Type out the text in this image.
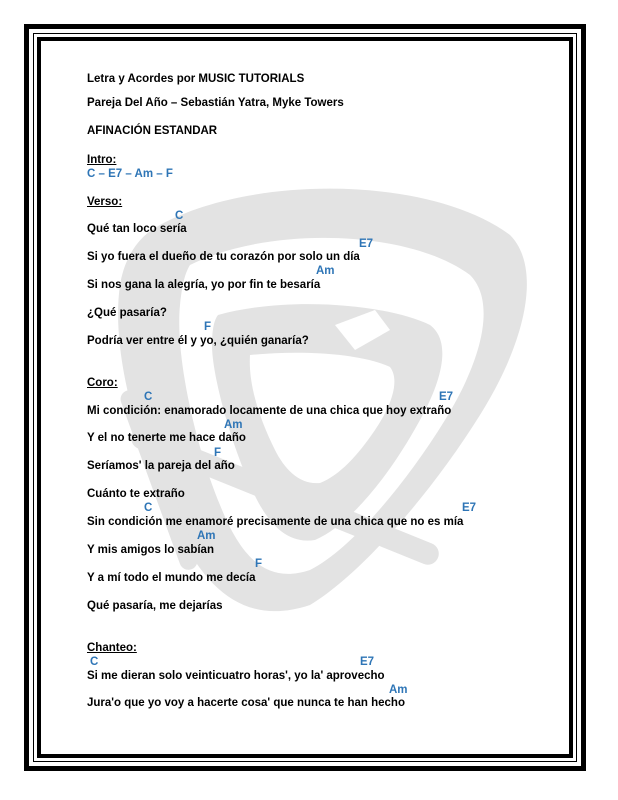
Letra y Acordes por MUSIC TUTORIALS
Pareja Del Año – Sebastián Yatra, Myke Towers
AFINACIÓN ESTANDAR
Intro:
C – E7 – Am – F
Verso:
C
Qué tan loco sería
E7
Si yo fuera el dueño de tu corazón por solo un día
Am
Si nos gana la alegría, yo por fin te besaría
¿Qué pasaría?
F
Podría ver entre él y yo, ¿quién ganaría?
Coro:
C	E7
Mi condición: enamorado locamente de una chica que hoy extraño
Am
Y el no tenerte me hace daño
F
Seríamos' la pareja del año
Cuánto te extraño
C	E7
Sin condición me enamoré precisamente de una chica que no es mía
Am
Y mis amigos lo sabían
F
Y a mí todo el mundo me decía
Qué pasaría, me dejarías
Chanteo:
C	E7
Si me dieran solo veinticuatro horas', yo la' aprovecho
Am
Jura'o que yo voy a hacerte cosa' que nunca te han hecho
